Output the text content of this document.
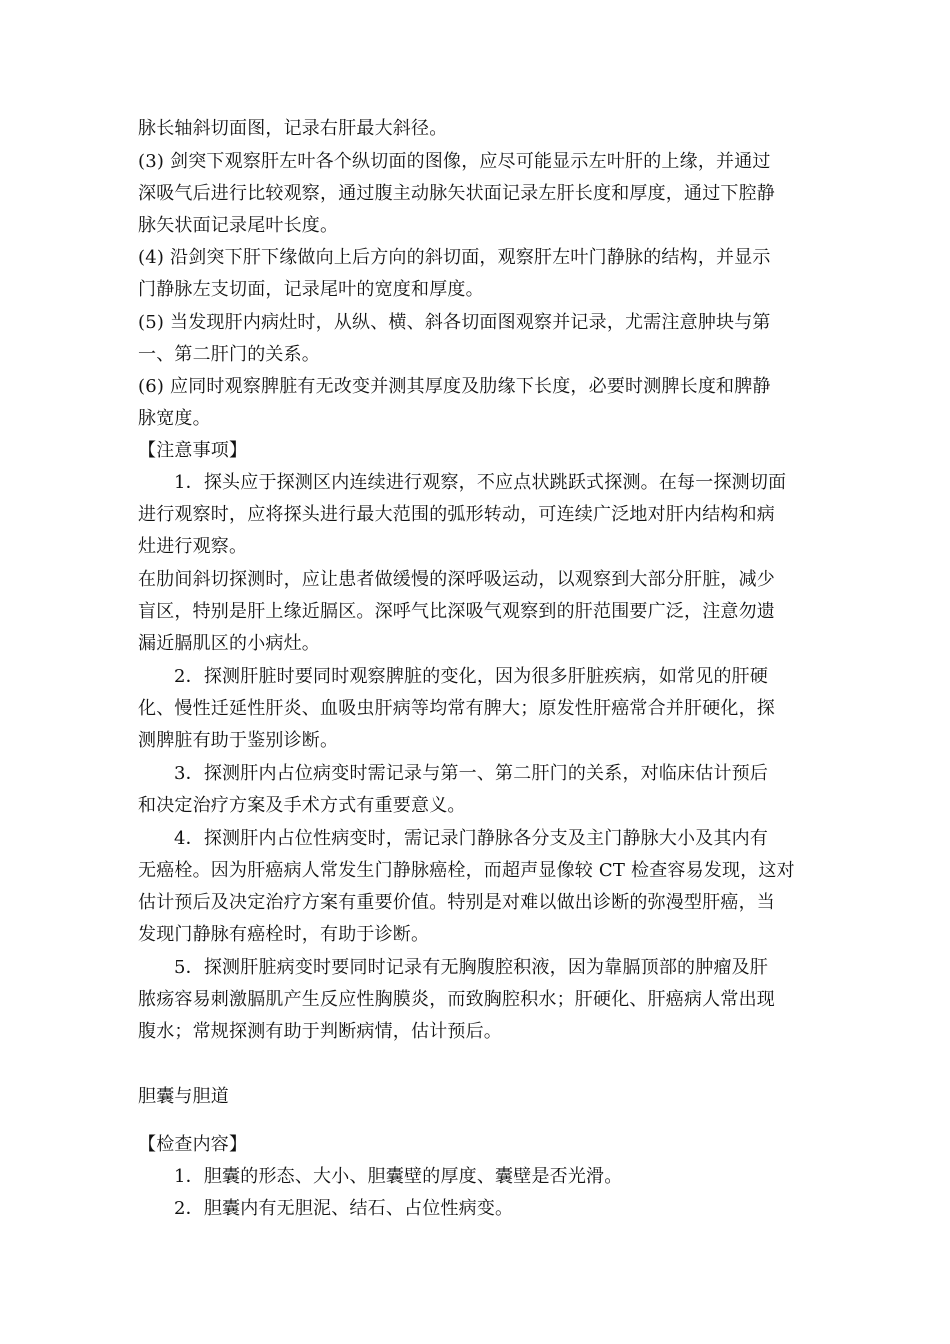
脉长轴斜切面图，记录右肝最大斜径。
(3) 剑突下观察肝左叶各个纵切面的图像，应尽可能显示左叶肝的上缘，并通过
深吸气后进行比较观察，通过腹主动脉矢状面记录左肝长度和厚度，通过下腔静
脉矢状面记录尾叶长度。
(4) 沿剑突下肝下缘做向上后方向的斜切面，观察肝左叶门静脉的结构，并显示
门静脉左支切面，记录尾叶的宽度和厚度。
(5) 当发现肝内病灶时，从纵、横、斜各切面图观察并记录，尤需注意肿块与第
一、第二肝门的关系。
(6) 应同时观察脾脏有无改变并测其厚度及肋缘下长度，必要时测脾长度和脾静
脉宽度。
【注意事项】
1．探头应于探测区内连续进行观察，不应点状跳跃式探测。在每一探测切面
进行观察时，应将探头进行最大范围的弧形转动，可连续广泛地对肝内结构和病
灶进行观察。
在肋间斜切探测时，应让患者做缓慢的深呼吸运动，以观察到大部分肝脏，减少
盲区，特别是肝上缘近膈区。深呼气比深吸气观察到的肝范围要广泛，注意勿遗
漏近膈肌区的小病灶。
2．探测肝脏时要同时观察脾脏的变化，因为很多肝脏疾病，如常见的肝硬
化、慢性迁延性肝炎、血吸虫肝病等均常有脾大；原发性肝癌常合并肝硬化，探
测脾脏有助于鉴别诊断。
3．探测肝内占位病变时需记录与第一、第二肝门的关系，对临床估计预后
和决定治疗方案及手术方式有重要意义。
4．探测肝内占位性病变时，需记录门静脉各分支及主门静脉大小及其内有
无癌栓。因为肝癌病人常发生门静脉癌栓，而超声显像较 CT 检查容易发现，这对
估计预后及决定治疗方案有重要价值。特别是对难以做出诊断的弥漫型肝癌，当
发现门静脉有癌栓时，有助于诊断。
5．探测肝脏病变时要同时记录有无胸腹腔积液，因为靠膈顶部的肿瘤及肝
脓疡容易刺激膈肌产生反应性胸膜炎，而致胸腔积水；肝硬化、肝癌病人常出现
腹水；常规探测有助于判断病情，估计预后。
胆囊与胆道
【检查内容】
1．胆囊的形态、大小、胆囊壁的厚度、囊壁是否光滑。
2．胆囊内有无胆泥、结石、占位性病变。
